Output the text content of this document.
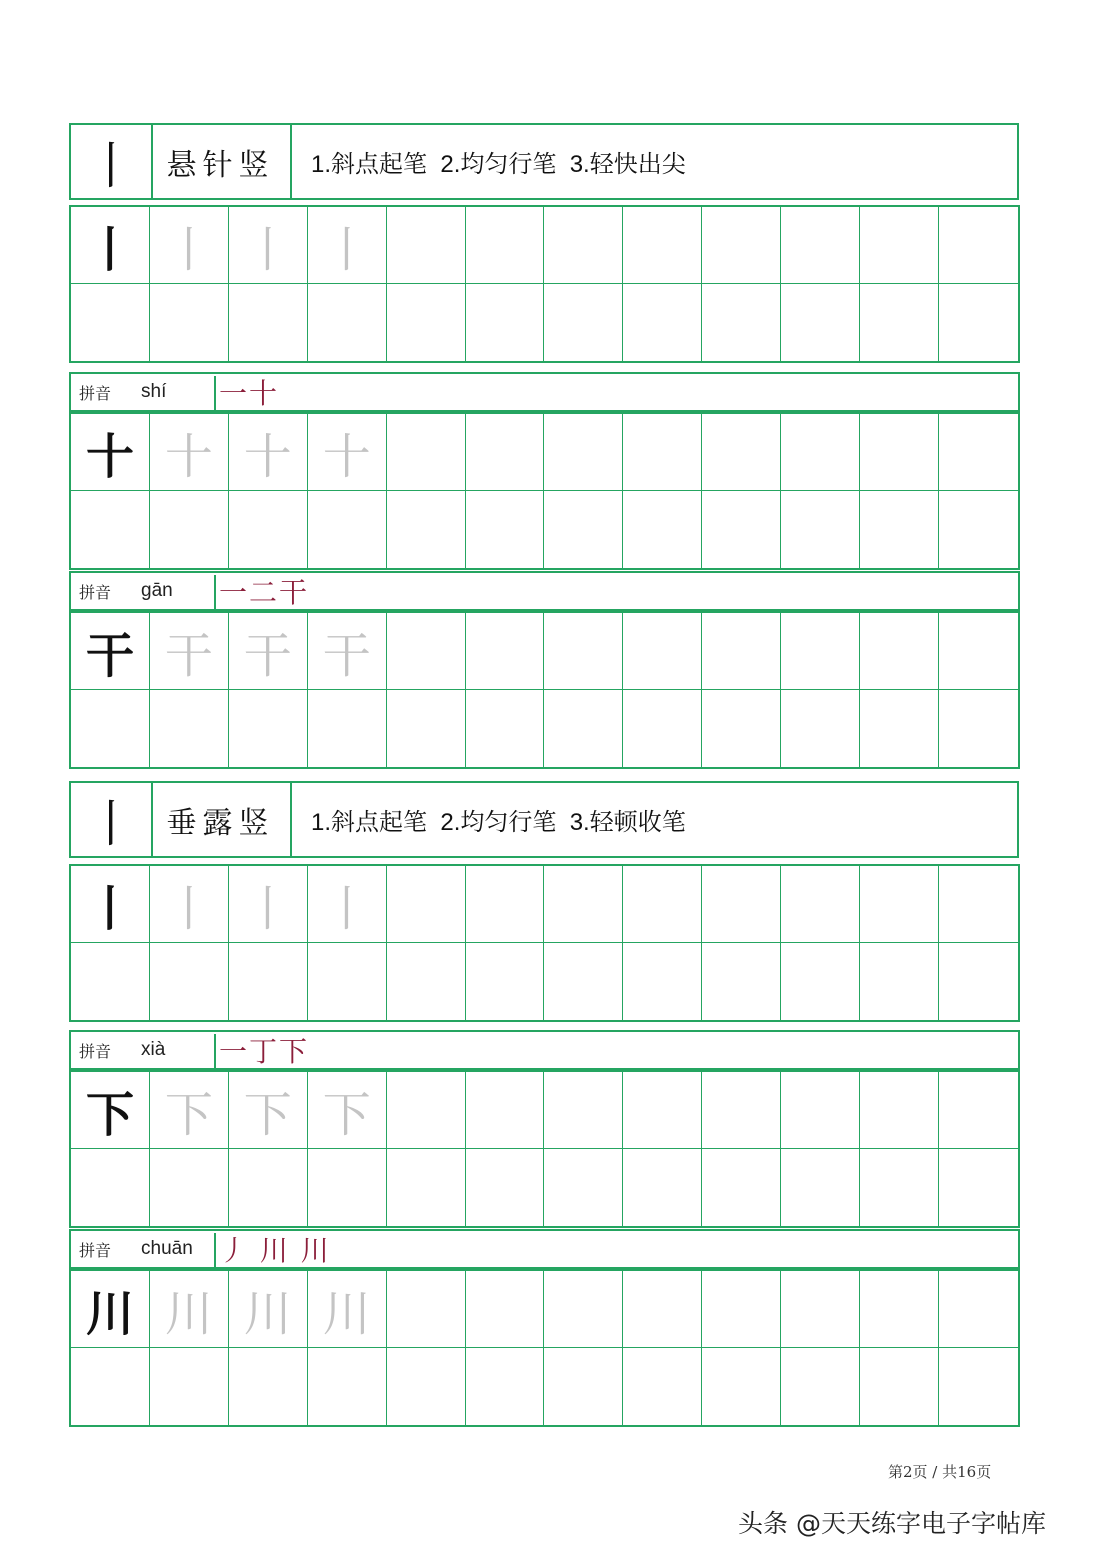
丨	悬针竖	1.斜点起笔  2.均匀行笔  3.轻快出尖
丨 丨 丨 丨
拼音 shí 一十
十 十 十 十
拼音 gān 一二干
干 干 干 干
丨	垂露竖	1.斜点起笔  2.均匀行笔  3.轻顿收笔
丨 丨 丨 丨
拼音 xià 一丁下
下 下 下 下
拼音 chuān 丿 川 川
川 川 川 川
第2页 / 共16页
头条 @天天练字电子字帖库
